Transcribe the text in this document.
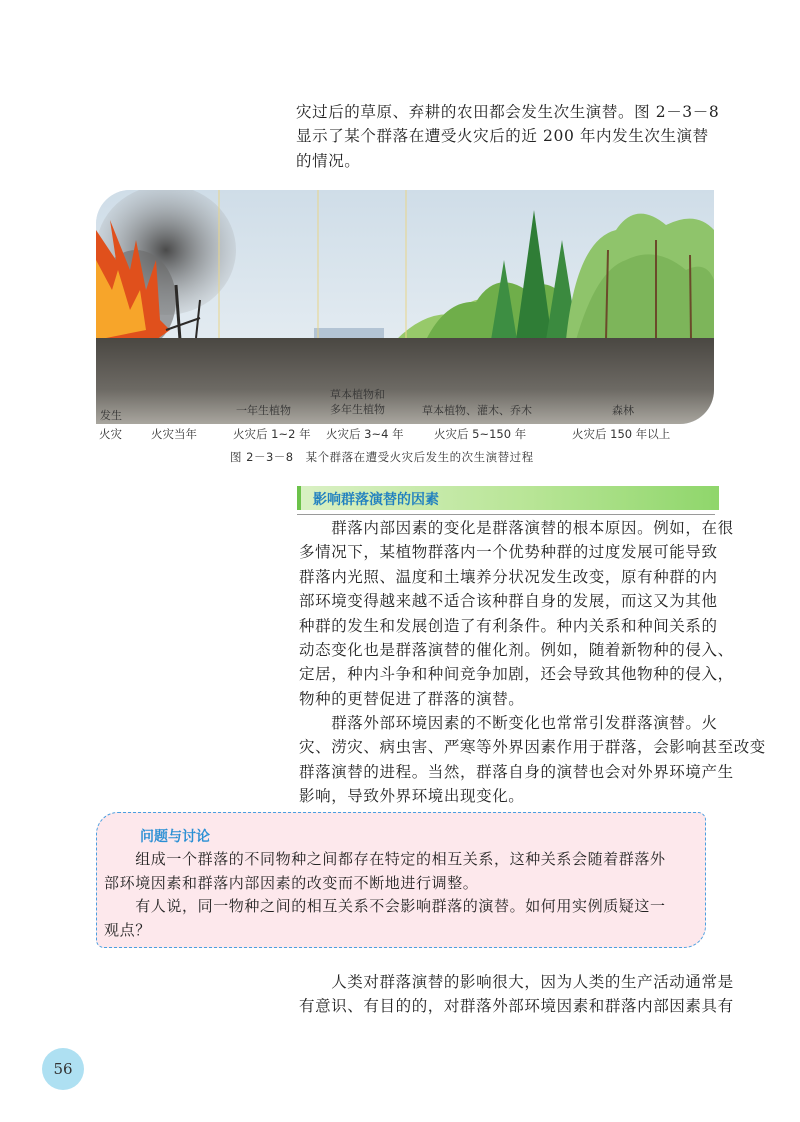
灾过后的草原、弃耕的农田都会发生次生演替。图 2－3－8
显示了某个群落在遭受火灾后的近 200 年内发生次生演替
的情况。
发生	一年生植物
草本植物和
多年生植物	草本植物、灌木、乔木	森林
火灾	火灾当年	火灾后 1~2 年 火灾后 3~4 年	火灾后 5~150 年	火灾后 150 年以上
图 2－3－8　某个群落在遭受火灾后发生的次生演替过程
影响群落演替的因素
　　群落内部因素的变化是群落演替的根本原因。例如，在很
多情况下，某植物群落内一个优势种群的过度发展可能导致
群落内光照、温度和土壤养分状况发生改变，原有种群的内
部环境变得越来越不适合该种群自身的发展，而这又为其他
种群的发生和发展创造了有利条件。种内关系和种间关系的
动态变化也是群落演替的催化剂。例如，随着新物种的侵入、
定居，种内斗争和种间竞争加剧，还会导致其他物种的侵入，
物种的更替促进了群落的演替。
　　群落外部环境因素的不断变化也常常引发群落演替。火
灾、涝灾、病虫害、严寒等外界因素作用于群落，会影响甚至改变
群落演替的进程。当然，群落自身的演替也会对外界环境产生
影响，导致外界环境出现变化。
问题与讨论
　　组成一个群落的不同物种之间都存在特定的相互关系，这种关系会随着群落外
部环境因素和群落内部因素的改变而不断地进行调整。
　　有人说，同一物种之间的相互关系不会影响群落的演替。如何用实例质疑这一
观点？
　　人类对群落演替的影响很大，因为人类的生产活动通常是
有意识、有目的的，对群落外部环境因素和群落内部因素具有
56
